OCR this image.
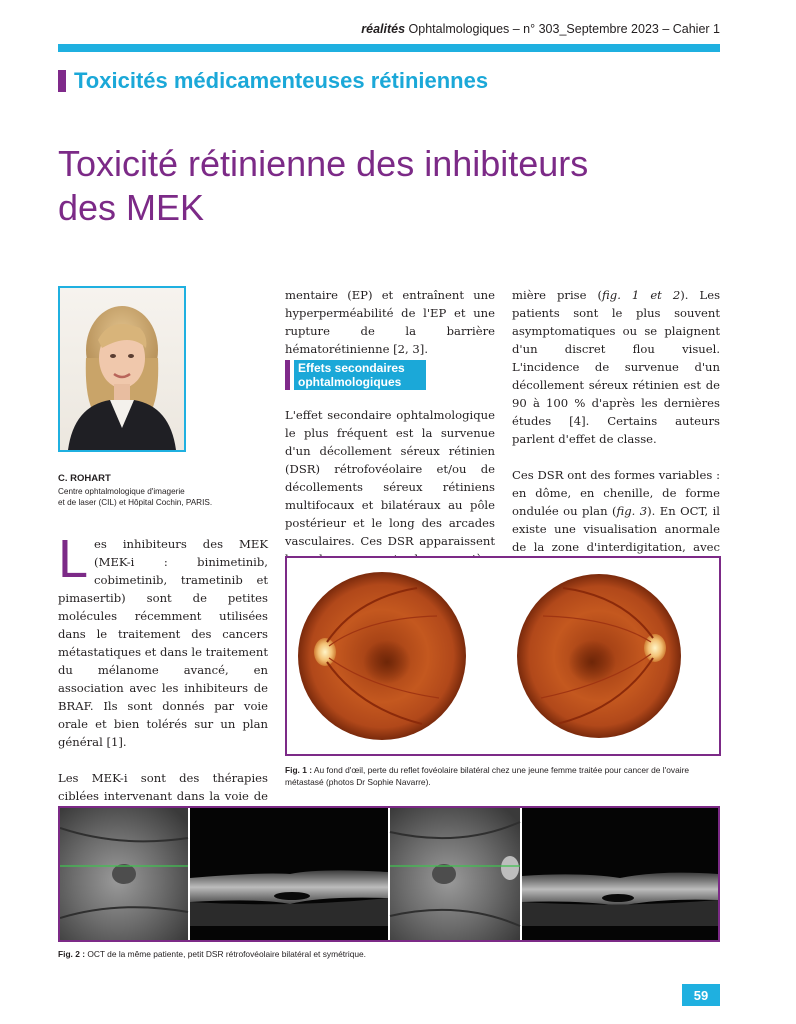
réalités Ophtalmologiques – n° 303_Septembre 2023 – Cahier 1
Toxicités médicamenteuses rétiniennes
Toxicité rétinienne des inhibiteurs
des MEK
C. ROHART
Centre ophtalmologique d'imagerie
et de laser (CIL) et Hôpital Cochin, PARIS.

Les inhibiteurs des MEK (MEK-i : binimetinib, cobimetinib, trametinib et pimasertib) sont de petites molécules récemment utilisées dans le traitement des cancers métastatiques et dans le traitement du mélanome avancé, en association avec les inhibiteurs de BRAF. Ils sont donnés par voie orale et bien tolérés sur un plan général [1].

Les MEK-i sont des thérapies ciblées intervenant dans la voie de

mentaire (EP) et entraînent une hyperperméabilité de l'EP et une rupture de la barrière hématorétinienne [2, 3].

Effets secondaires
ophtalmologiques

L'effet secondaire ophtalmologique le plus fréquent est la survenue d'un décollement séreux rétinien (DSR) rétrofovéolaire et/ou de décollements séreux rétiniens multifocaux et bilatéraux au pôle postérieur et le long des arcades vasculaires. Ces DSR apparaissent

mière prise (fig. 1 et 2). Les patients sont le plus souvent asymptomatiques ou se plaignent d'un discret flou visuel. L'incidence de survenue d'un décollement séreux rétinien est de 90 à 100 % d'après les dernières études [4]. Certains auteurs parlent d'effet de classe.

Ces DSR ont des formes variables : en dôme, en chenille, de forme ondulée ou plan (fig. 3). En OCT, il existe une visualisation anormale de la zone d'interdigitation, avec

Fig. 1 : Au fond d'œil, perte du reflet fovéolaire bilatéral chez une jeune femme traitée pour cancer de l'ovaire métastasé (photos Dr Sophie Navarre).
Fig. 2 : OCT de la même patiente, petit DSR rétrofovéolaire bilatéral et symétrique.
59
